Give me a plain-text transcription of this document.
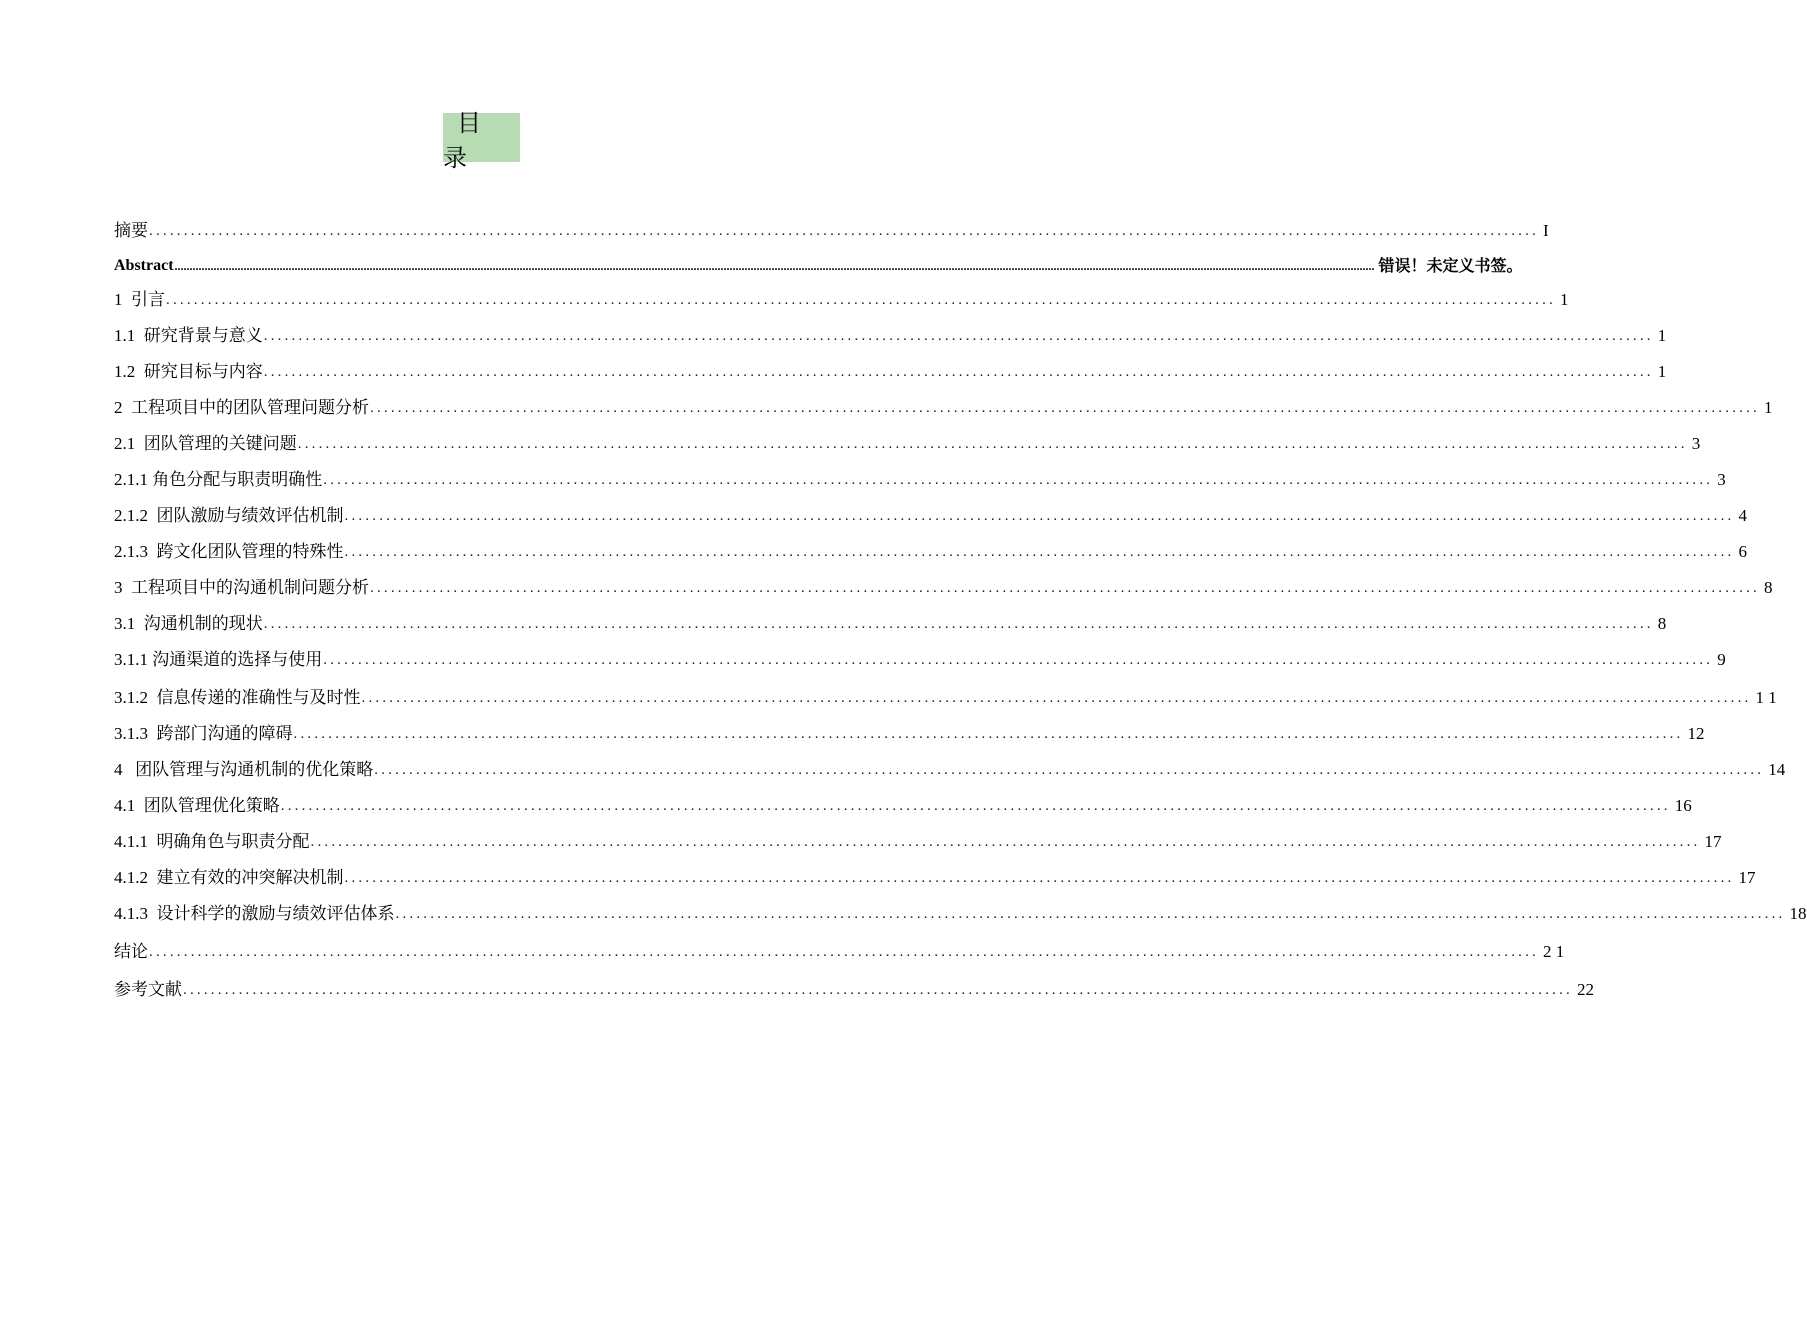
目 录
摘要 ........................................................................................................................................................................................................ I
Abstract ................................................................................................................................................................................................................................................................................................................................................................................................................ 错误！未定义书签。
1  引言 ........................................................................................................................................................................................................ 1
1.1  研究背景与意义 ........................................................................................................................................................................................................ 1
1.2  研究目标与内容 ........................................................................................................................................................................................................ 1
2  工程项目中的团队管理问题分析 ........................................................................................................................................................................................................ 1
2.1  团队管理的关键问题 ........................................................................................................................................................................................................ 3
2.1.1 角色分配与职责明确性 ........................................................................................................................................................................................................ 3
2.1.2  团队激励与绩效评估机制 ........................................................................................................................................................................................................ 4
2.1.3  跨文化团队管理的特殊性 ........................................................................................................................................................................................................ 6
3  工程项目中的沟通机制问题分析 ........................................................................................................................................................................................................ 8
3.1  沟通机制的现状 ........................................................................................................................................................................................................ 8
3.1.1 沟通渠道的选择与使用 ........................................................................................................................................................................................................ 9
3.1.2  信息传递的准确性与及时性 ........................................................................................................................................................................................................ 1 1
3.1.3  跨部门沟通的障碍 ........................................................................................................................................................................................................ 12
4   团队管理与沟通机制的优化策略 ........................................................................................................................................................................................................ 14
4.1  团队管理优化策略 ........................................................................................................................................................................................................ 16
4.1.1  明确角色与职责分配 ........................................................................................................................................................................................................ 17
4.1.2  建立有效的冲突解决机制 ........................................................................................................................................................................................................ 17
4.1.3  设计科学的激励与绩效评估体系 ........................................................................................................................................................................................................ 18
结论 ........................................................................................................................................................................................................ 2 1
参考文献 ........................................................................................................................................................................................................ 22
